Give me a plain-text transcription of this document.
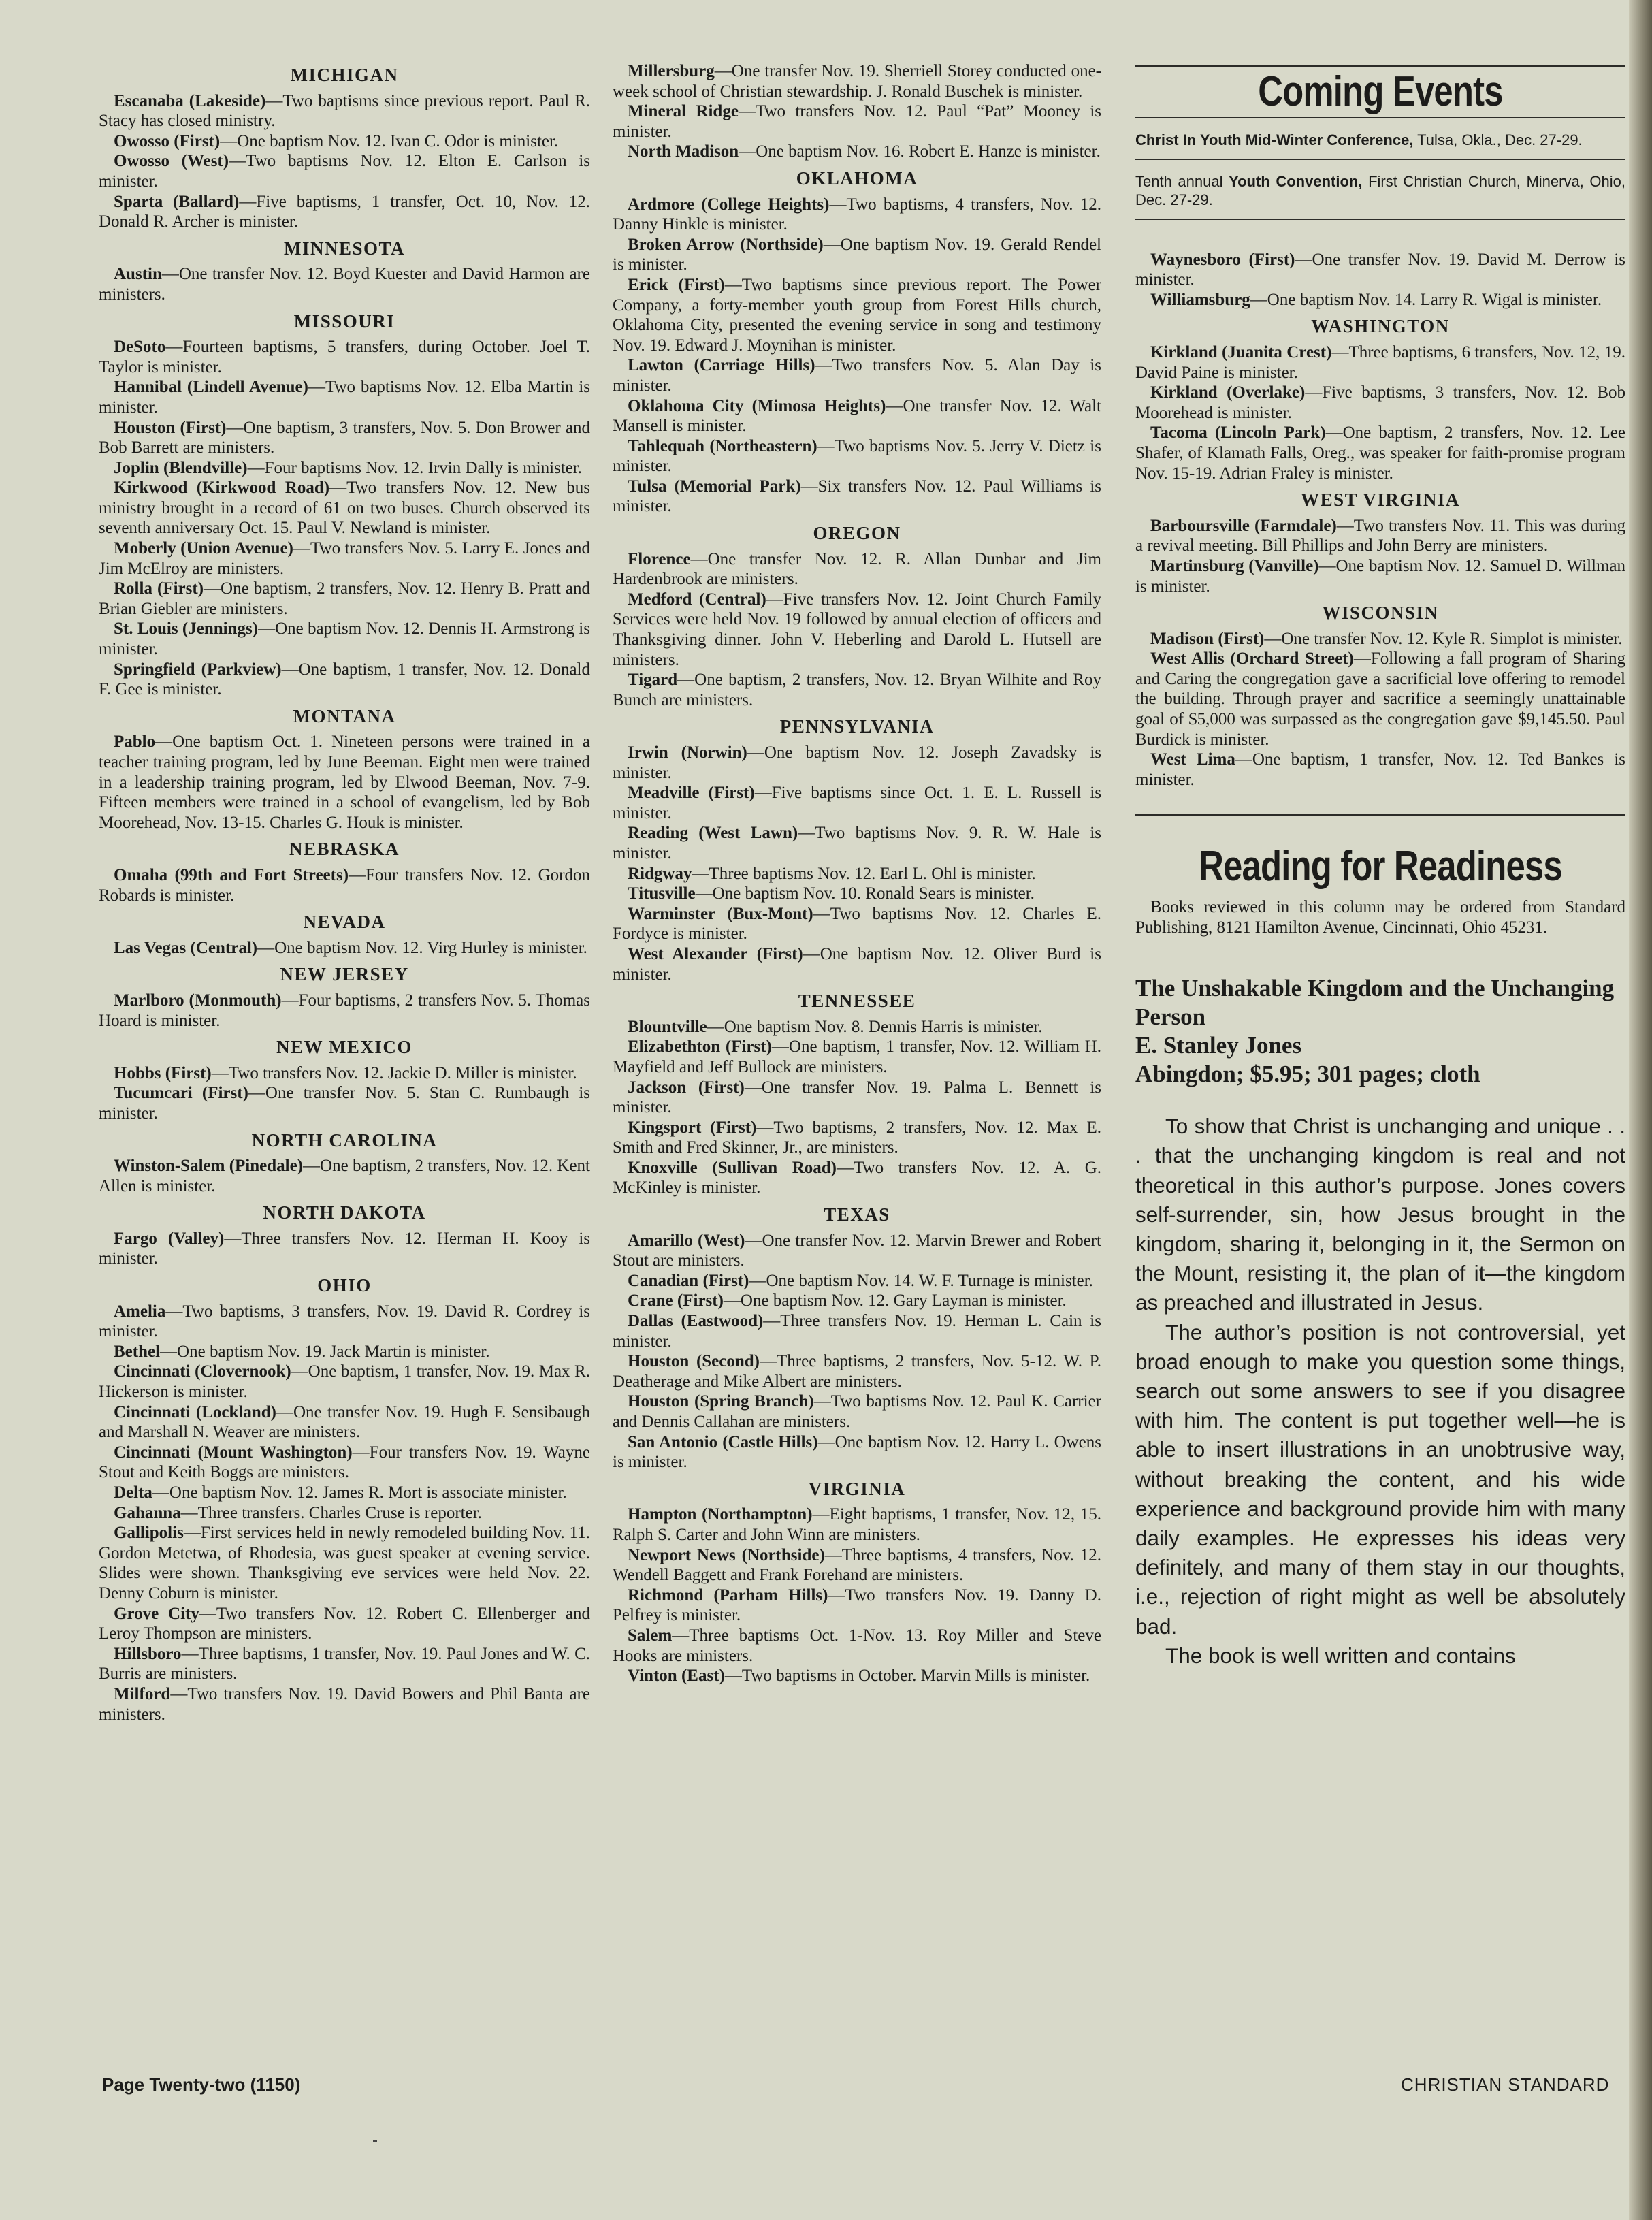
MICHIGAN

Escanaba (Lakeside)—Two baptisms since previous report. Paul R. Stacy has closed ministry.

Owosso (First)—One baptism Nov. 12. Ivan C. Odor is minister.

Owosso (West)—Two baptisms Nov. 12. Elton E. Carlson is minister.

Sparta (Ballard)—Five baptisms, 1 transfer, Oct. 10, Nov. 12. Donald R. Archer is minister.

MINNESOTA

Austin—One transfer Nov. 12. Boyd Kuester and David Harmon are ministers.

MISSOURI

DeSoto—Fourteen baptisms, 5 transfers, during October. Joel T. Taylor is minister.

Hannibal (Lindell Avenue)—Two baptisms Nov. 12. Elba Martin is minister.

Houston (First)—One baptism, 3 transfers, Nov. 5. Don Brower and Bob Barrett are ministers.

Joplin (Blendville)—Four baptisms Nov. 12. Irvin Dally is minister.

Kirkwood (Kirkwood Road)—Two transfers Nov. 12. New bus ministry brought in a record of 61 on two buses. Church observed its seventh anniversary Oct. 15. Paul V. Newland is minister.

Moberly (Union Avenue)—Two transfers Nov. 5. Larry E. Jones and Jim McElroy are ministers.

Rolla (First)—One baptism, 2 transfers, Nov. 12. Henry B. Pratt and Brian Giebler are ministers.

St. Louis (Jennings)—One baptism Nov. 12. Dennis H. Armstrong is minister.

Springfield (Parkview)—One baptism, 1 transfer, Nov. 12. Donald F. Gee is minister.

MONTANA

Pablo—One baptism Oct. 1. Nineteen persons were trained in a teacher training program, led by June Beeman. Eight men were trained in a leadership training program, led by Elwood Beeman, Nov. 7-9. Fifteen members were trained in a school of evangelism, led by Bob Moorehead, Nov. 13-15. Charles G. Houk is minister.

NEBRASKA

Omaha (99th and Fort Streets)—Four transfers Nov. 12. Gordon Robards is minister.

NEVADA

Las Vegas (Central)—One baptism Nov. 12. Virg Hurley is minister.

NEW JERSEY

Marlboro (Monmouth)—Four baptisms, 2 transfers Nov. 5. Thomas Hoard is minister.

NEW MEXICO

Hobbs (First)—Two transfers Nov. 12. Jackie D. Miller is minister.

Tucumcari (First)—One transfer Nov. 5. Stan C. Rumbaugh is minister.

NORTH CAROLINA

Winston-Salem (Pinedale)—One baptism, 2 transfers, Nov. 12. Kent Allen is minister.

NORTH DAKOTA

Fargo (Valley)—Three transfers Nov. 12. Herman H. Kooy is minister.

OHIO

Amelia—Two baptisms, 3 transfers, Nov. 19. David R. Cordrey is minister.

Bethel—One baptism Nov. 19. Jack Martin is minister.

Cincinnati (Clovernook)—One baptism, 1 transfer, Nov. 19. Max R. Hickerson is minister.

Cincinnati (Lockland)—One transfer Nov. 19. Hugh F. Sensibaugh and Marshall N. Weaver are ministers.

Cincinnati (Mount Washington)—Four transfers Nov. 19. Wayne Stout and Keith Boggs are ministers.

Delta—One baptism Nov. 12. James R. Mort is associate minister.

Gahanna—Three transfers. Charles Cruse is reporter.

Gallipolis—First services held in newly remodeled building Nov. 11. Gordon Metetwa, of Rhodesia, was guest speaker at evening service. Slides were shown. Thanksgiving eve services were held Nov. 22. Denny Coburn is minister.

Grove City—Two transfers Nov. 12. Robert C. Ellenberger and Leroy Thompson are ministers.

Hillsboro—Three baptisms, 1 transfer, Nov. 19. Paul Jones and W. C. Burris are ministers.

Milford—Two transfers Nov. 19. David Bowers and Phil Banta are ministers.

Millersburg—One transfer Nov. 19. Sherriell Storey conducted one-week school of Christian stewardship. J. Ronald Buschek is minister.

Mineral Ridge—Two transfers Nov. 12. Paul “Pat” Mooney is minister.

North Madison—One baptism Nov. 16. Robert E. Hanze is minister.

OKLAHOMA

Ardmore (College Heights)—Two baptisms, 4 transfers, Nov. 12. Danny Hinkle is minister.

Broken Arrow (Northside)—One baptism Nov. 19. Gerald Rendel is minister.

Erick (First)—Two baptisms since previous report. The Power Company, a forty-member youth group from Forest Hills church, Oklahoma City, presented the evening service in song and testimony Nov. 19. Edward J. Moynihan is minister.

Lawton (Carriage Hills)—Two transfers Nov. 5. Alan Day is minister.

Oklahoma City (Mimosa Heights)—One transfer Nov. 12. Walt Mansell is minister.

Tahlequah (Northeastern)—Two baptisms Nov. 5. Jerry V. Dietz is minister.

Tulsa (Memorial Park)—Six transfers Nov. 12. Paul Williams is minister.

OREGON

Florence—One transfer Nov. 12. R. Allan Dunbar and Jim Hardenbrook are ministers.

Medford (Central)—Five transfers Nov. 12. Joint Church Family Services were held Nov. 19 followed by annual election of officers and Thanksgiving dinner. John V. Heberling and Darold L. Hutsell are ministers.

Tigard—One baptism, 2 transfers, Nov. 12. Bryan Wilhite and Roy Bunch are ministers.

PENNSYLVANIA

Irwin (Norwin)—One baptism Nov. 12. Joseph Zavadsky is minister.

Meadville (First)—Five baptisms since Oct. 1. E. L. Russell is minister.

Reading (West Lawn)—Two baptisms Nov. 9. R. W. Hale is minister.

Ridgway—Three baptisms Nov. 12. Earl L. Ohl is minister.

Titusville—One baptism Nov. 10. Ronald Sears is minister.

Warminster (Bux-Mont)—Two baptisms Nov. 12. Charles E. Fordyce is minister.

West Alexander (First)—One baptism Nov. 12. Oliver Burd is minister.

TENNESSEE

Blountville—One baptism Nov. 8. Dennis Harris is minister.

Elizabethton (First)—One baptism, 1 transfer, Nov. 12. William H. Mayfield and Jeff Bullock are ministers.

Jackson (First)—One transfer Nov. 19. Palma L. Bennett is minister.

Kingsport (First)—Two baptisms, 2 transfers, Nov. 12. Max E. Smith and Fred Skinner, Jr., are ministers.

Knoxville (Sullivan Road)—Two transfers Nov. 12. A. G. McKinley is minister.

TEXAS

Amarillo (West)—One transfer Nov. 12. Marvin Brewer and Robert Stout are ministers.

Canadian (First)—One baptism Nov. 14. W. F. Turnage is minister.

Crane (First)—One baptism Nov. 12. Gary Layman is minister.

Dallas (Eastwood)—Three transfers Nov. 19. Herman L. Cain is minister.

Houston (Second)—Three baptisms, 2 transfers, Nov. 5-12. W. P. Deatherage and Mike Albert are ministers.

Houston (Spring Branch)—Two baptisms Nov. 12. Paul K. Carrier and Dennis Callahan are ministers.

San Antonio (Castle Hills)—One baptism Nov. 12. Harry L. Owens is minister.

VIRGINIA

Hampton (Northampton)—Eight baptisms, 1 transfer, Nov. 12, 15. Ralph S. Carter and John Winn are ministers.

Newport News (Northside)—Three baptisms, 4 transfers, Nov. 12. Wendell Baggett and Frank Forehand are ministers.

Richmond (Parham Hills)—Two transfers Nov. 19. Danny D. Pelfrey is minister.

Salem—Three baptisms Oct. 1-Nov. 13. Roy Miller and Steve Hooks are ministers.

Vinton (East)—Two baptisms in October. Marvin Mills is minister.

Coming Events
Christ In Youth Mid-Winter Conference, Tulsa, Okla., Dec. 27-29.
Tenth annual Youth Convention, First Christian Church, Minerva, Ohio, Dec. 27-29.

Waynesboro (First)—One transfer Nov. 19. David M. Derrow is minister.

Williamsburg—One baptism Nov. 14. Larry R. Wigal is minister.

WASHINGTON

Kirkland (Juanita Crest)—Three baptisms, 6 transfers, Nov. 12, 19. David Paine is minister.

Kirkland (Overlake)—Five baptisms, 3 transfers, Nov. 12. Bob Moorehead is minister.

Tacoma (Lincoln Park)—One baptism, 2 transfers, Nov. 12. Lee Shafer, of Klamath Falls, Oreg., was speaker for faith-promise program Nov. 15-19. Adrian Fraley is minister.

WEST VIRGINIA

Barboursville (Farmdale)—Two transfers Nov. 11. This was during a revival meeting. Bill Phillips and John Berry are ministers.

Martinsburg (Vanville)—One baptism Nov. 12. Samuel D. Willman is minister.

WISCONSIN

Madison (First)—One transfer Nov. 12. Kyle R. Simplot is minister.

West Allis (Orchard Street)—Following a fall program of Sharing and Caring the congregation gave a sacrificial love offering to remodel the building. Through prayer and sacrifice a seemingly unattainable goal of $5,000 was surpassed as the congregation gave $9,145.50. Paul Burdick is minister.

West Lima—One baptism, 1 transfer, Nov. 12. Ted Bankes is minister.

Reading for Readiness

Books reviewed in this column may be ordered from Standard Publishing, 8121 Hamilton Avenue, Cincinnati, Ohio 45231.

The Unshakable Kingdom and the Unchanging Person
E. Stanley Jones
Abingdon; $5.95; 301 pages; cloth

To show that Christ is unchanging and unique . . . that the unchanging kingdom is real and not theoretical in this author’s purpose. Jones covers self-surrender, sin, how Jesus brought in the kingdom, sharing it, belonging in it, the Sermon on the Mount, resisting it, the plan of it—the kingdom as preached and illustrated in Jesus.

The author’s position is not controversial, yet broad enough to make you question some things, search out some answers to see if you disagree with him. The content is put together well—he is able to insert illustrations in an unobtrusive way, without breaking the content, and his wide experience and background provide him with many daily examples. He expresses his ideas very definitely, and many of them stay in our thoughts, i.e., rejection of right might as well be absolutely bad.

The book is well written and contains

Page Twenty-two (1150)	CHRISTIAN STANDARD
